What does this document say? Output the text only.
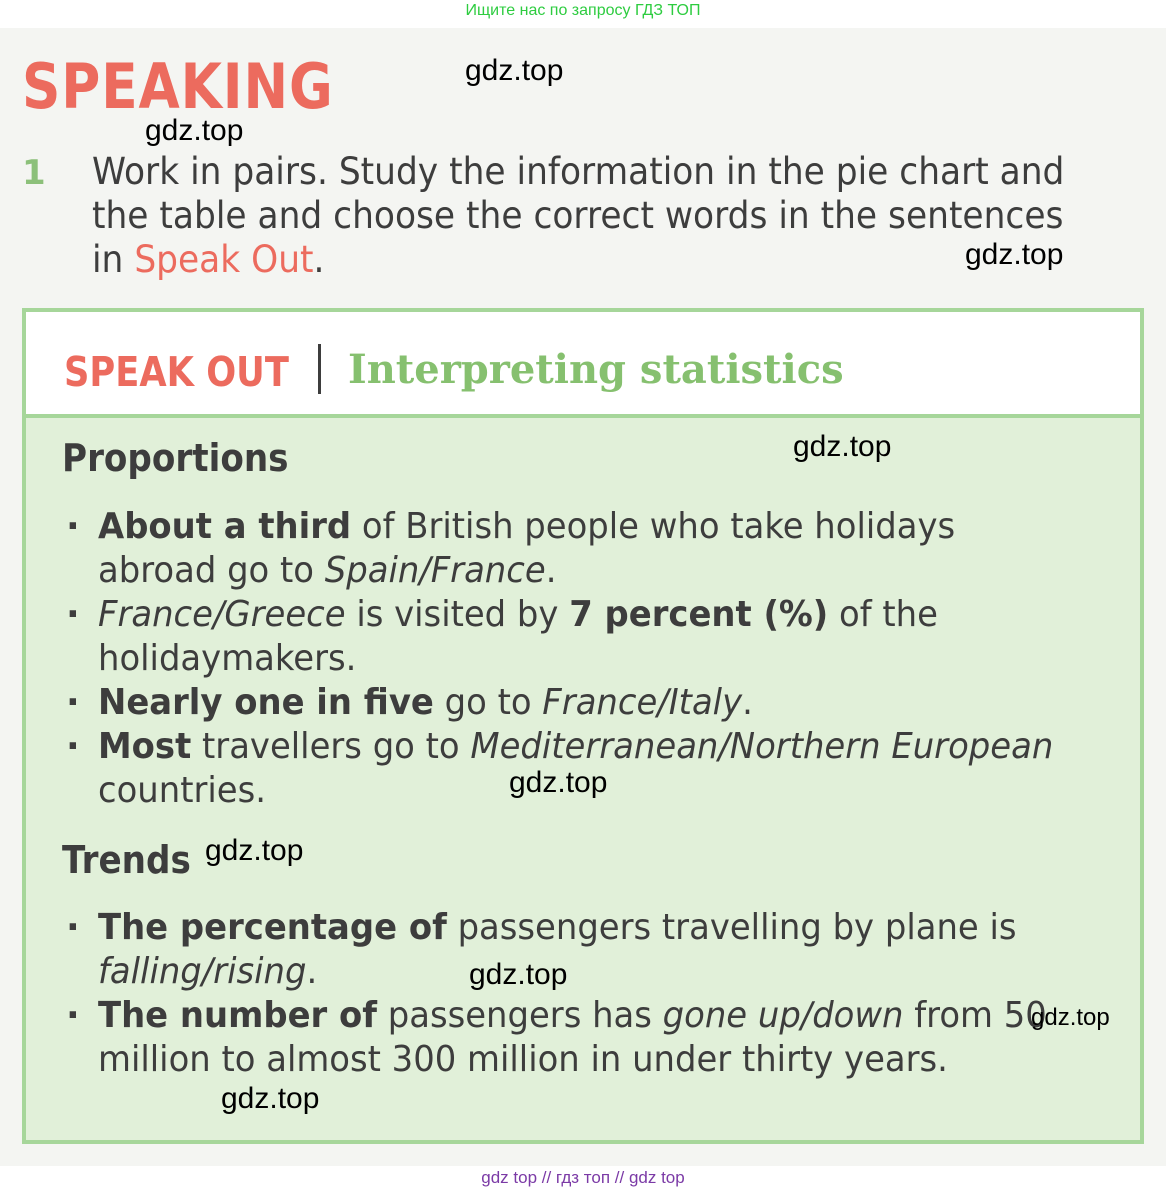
Ищите нас по запросу ГДЗ ТОП
SPEAKING
1 Work in pairs. Study the information in the pie chart and the table and choose the correct words in the sentences in Speak Out.
SPEAK OUT Interpreting statistics
Proportions
· About a third of British people who take holidays abroad go to Spain/France.
· France/Greece is visited by 7 percent (%) of the holidaymakers.
· Nearly one in five go to France/Italy.
· Most travellers go to Mediterranean/Northern European countries.
Trends
· The percentage of passengers travelling by plane is falling/rising.
· The number of passengers has gone up/down from 50 million to almost 300 million in under thirty years.
gdz.top
gdz.top
gdz.top
gdz.top
gdz.top
gdz.top
gdz.top
gdz.top
gdz.top
gdz top // гдз топ // gdz top
